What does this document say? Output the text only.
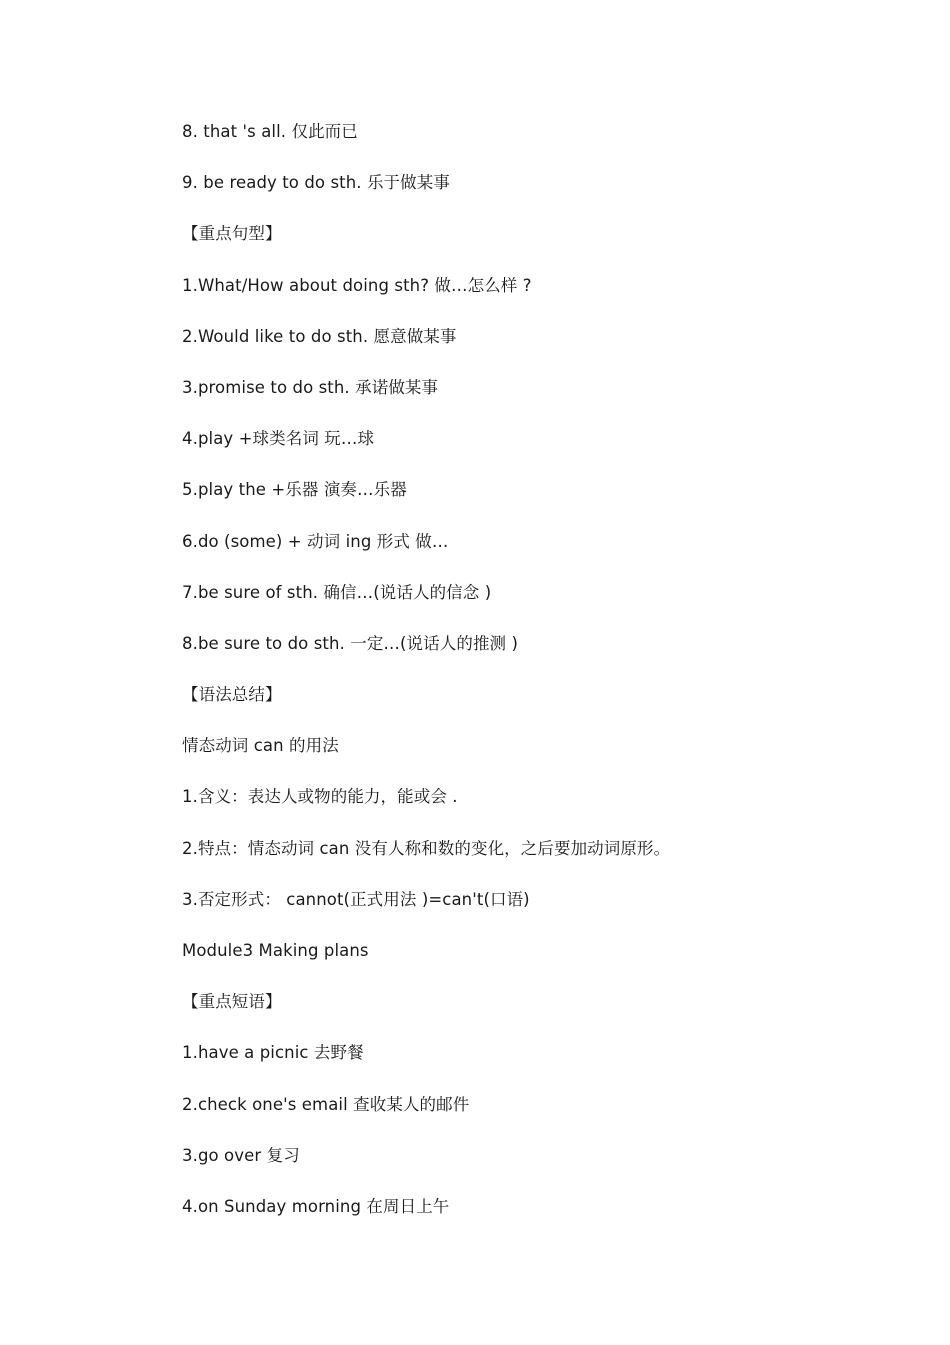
8. that 's all. 仅此而已
9. be ready to do sth. 乐于做某事
【重点句型】
1.What/How about doing sth? 做…怎么样 ?
2.Would like to do sth. 愿意做某事
3.promise to do sth. 承诺做某事
4.play +球类名词 玩…球
5.play the +乐器 演奏…乐器
6.do (some) + 动词 ing 形式 做…
7.be sure of sth. 确信…(说话人的信念 )
8.be sure to do sth. 一定…(说话人的推测 )
【语法总结】
情态动词 can 的用法
1.含义：表达人或物的能力，能或会 .
2.特点：情态动词 can 没有人称和数的变化，之后要加动词原形。
3.否定形式： cannot(正式用法 )=can't(口语)
Module3 Making plans
【重点短语】
1.have a picnic 去野餐
2.check one's email 查收某人的邮件
3.go over 复习
4.on Sunday morning 在周日上午
